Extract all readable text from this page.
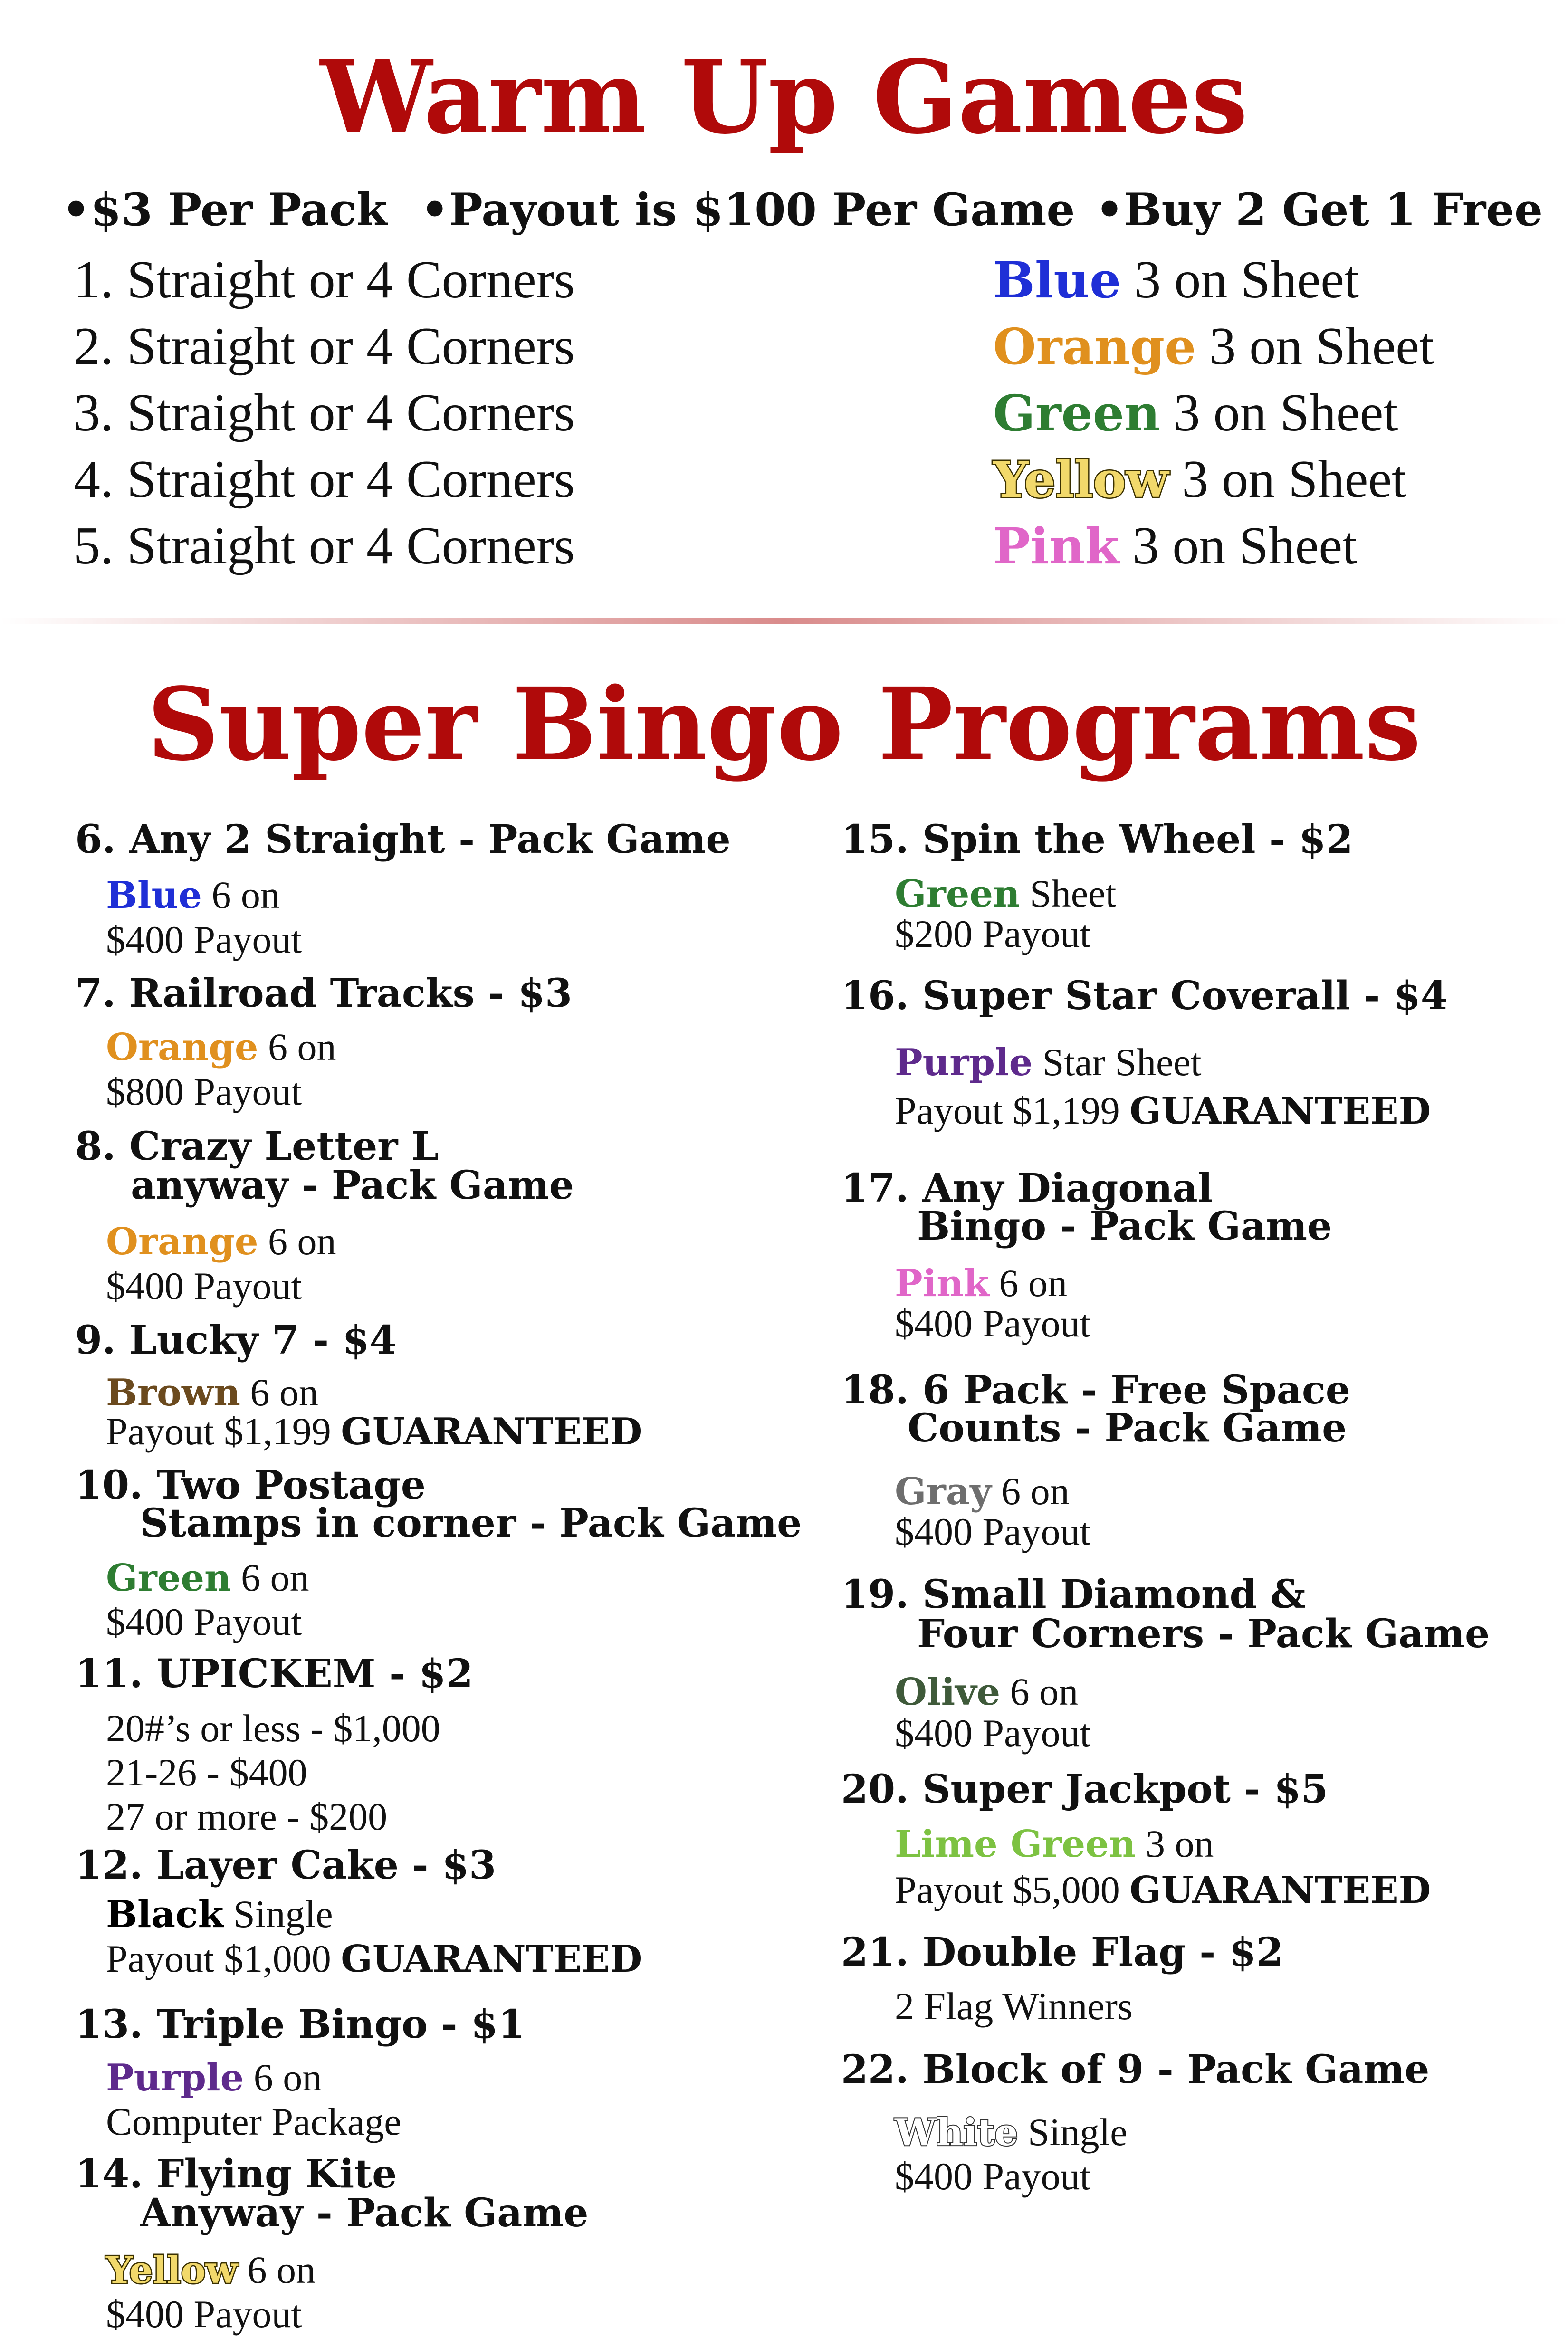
Warm Up Games
•$3 Per Pack •Payout is $100 Per Game •Buy 2 Get 1 Free
1. Straight or 4 Corners
2. Straight or 4 Corners
3. Straight or 4 Corners
4. Straight or 4 Corners
5. Straight or 4 Corners
Blue 3 on Sheet
Orange 3 on Sheet
Green 3 on Sheet
Yellow 3 on Sheet
Pink 3 on Sheet
Super Bingo Programs
6. Any 2 Straight - Pack Game
Blue 6 on
$400 Payout
7. Railroad Tracks - $3
Orange 6 on
$800 Payout
8. Crazy Letter L
anyway - Pack Game
Orange 6 on
$400 Payout
9. Lucky 7 - $4
Brown 6 on
Payout $1,199 GUARANTEED
10. Two Postage
Stamps in corner - Pack Game
Green 6 on
$400 Payout
11. UPICKEM - $2
20#’s or less - $1,000
21-26 - $400
27 or more - $200
12. Layer Cake - $3
Black Single
Payout $1,000 GUARANTEED
13. Triple Bingo - $1
Purple 6 on
Computer Package
14. Flying Kite
Anyway - Pack Game
Yellow 6 on
$400 Payout
15. Spin the Wheel - $2
Green Sheet
$200 Payout
16. Super Star Coverall - $4
Purple Star Sheet
Payout $1,199 GUARANTEED
17. Any Diagonal
Bingo - Pack Game
Pink 6 on
$400 Payout
18. 6 Pack - Free Space
Counts - Pack Game
Gray 6 on
$400 Payout
19. Small Diamond &
Four Corners - Pack Game
Olive 6 on
$400 Payout
20. Super Jackpot - $5
Lime Green 3 on
Payout $5,000 GUARANTEED
21. Double Flag - $2
2 Flag Winners
22. Block of 9 - Pack Game
White Single
$400 Payout
